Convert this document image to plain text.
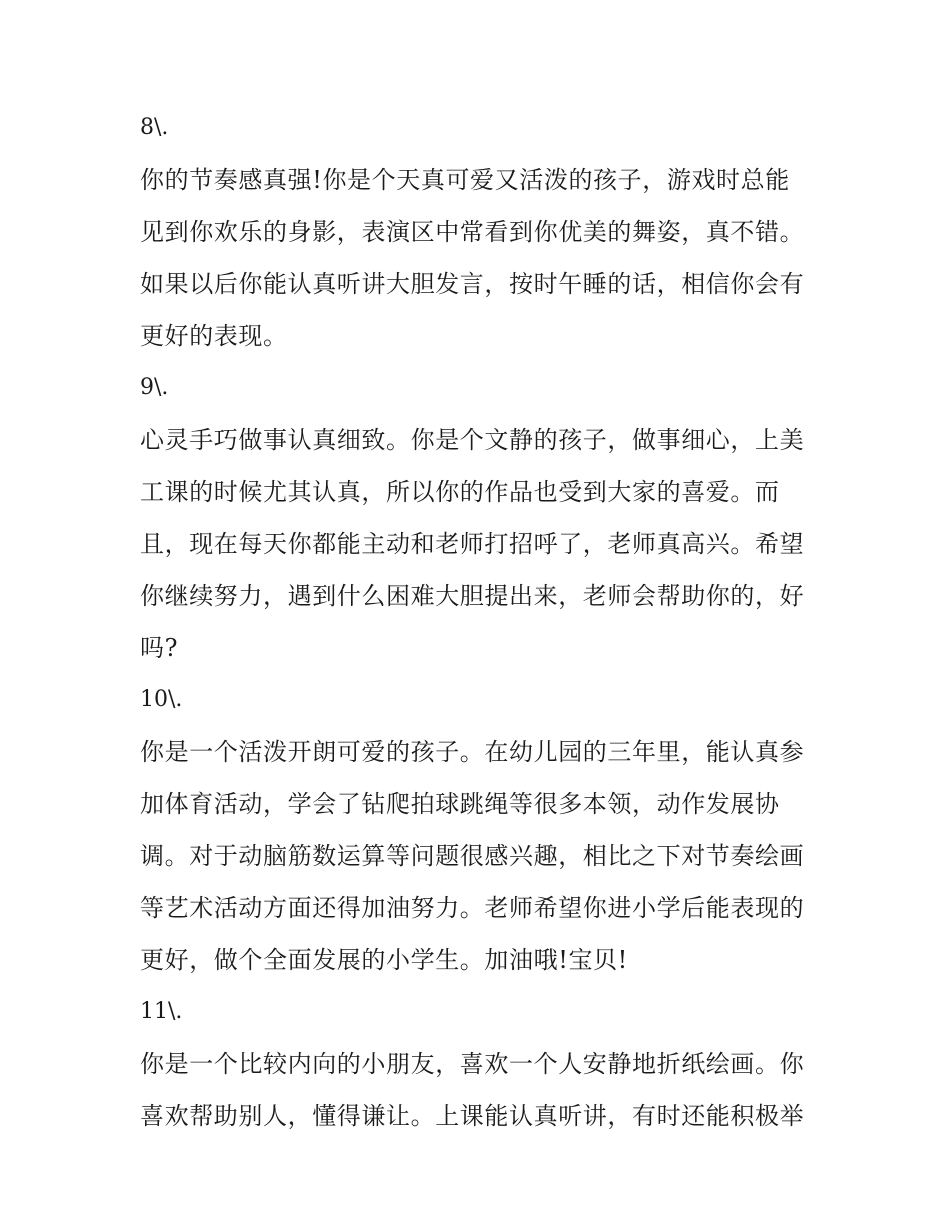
8\.
你的节奏感真强!你是个天真可爱又活泼的孩子，游戏时总能
见到你欢乐的身影，表演区中常看到你优美的舞姿，真不错。
如果以后你能认真听讲大胆发言，按时午睡的话，相信你会有
更好的表现。
9\.
心灵手巧做事认真细致。你是个文静的孩子，做事细心，上美
工课的时候尤其认真，所以你的作品也受到大家的喜爱。而
且，现在每天你都能主动和老师打招呼了，老师真高兴。希望
你继续努力，遇到什么困难大胆提出来，老师会帮助你的，好
吗?
10\.
你是一个活泼开朗可爱的孩子。在幼儿园的三年里，能认真参
加体育活动，学会了钻爬拍球跳绳等很多本领，动作发展协
调。对于动脑筋数运算等问题很感兴趣，相比之下对节奏绘画
等艺术活动方面还得加油努力。老师希望你进小学后能表现的
更好，做个全面发展的小学生。加油哦!宝贝!
11\.
你是一个比较内向的小朋友，喜欢一个人安静地折纸绘画。你
喜欢帮助别人，懂得谦让。上课能认真听讲，有时还能积极举
